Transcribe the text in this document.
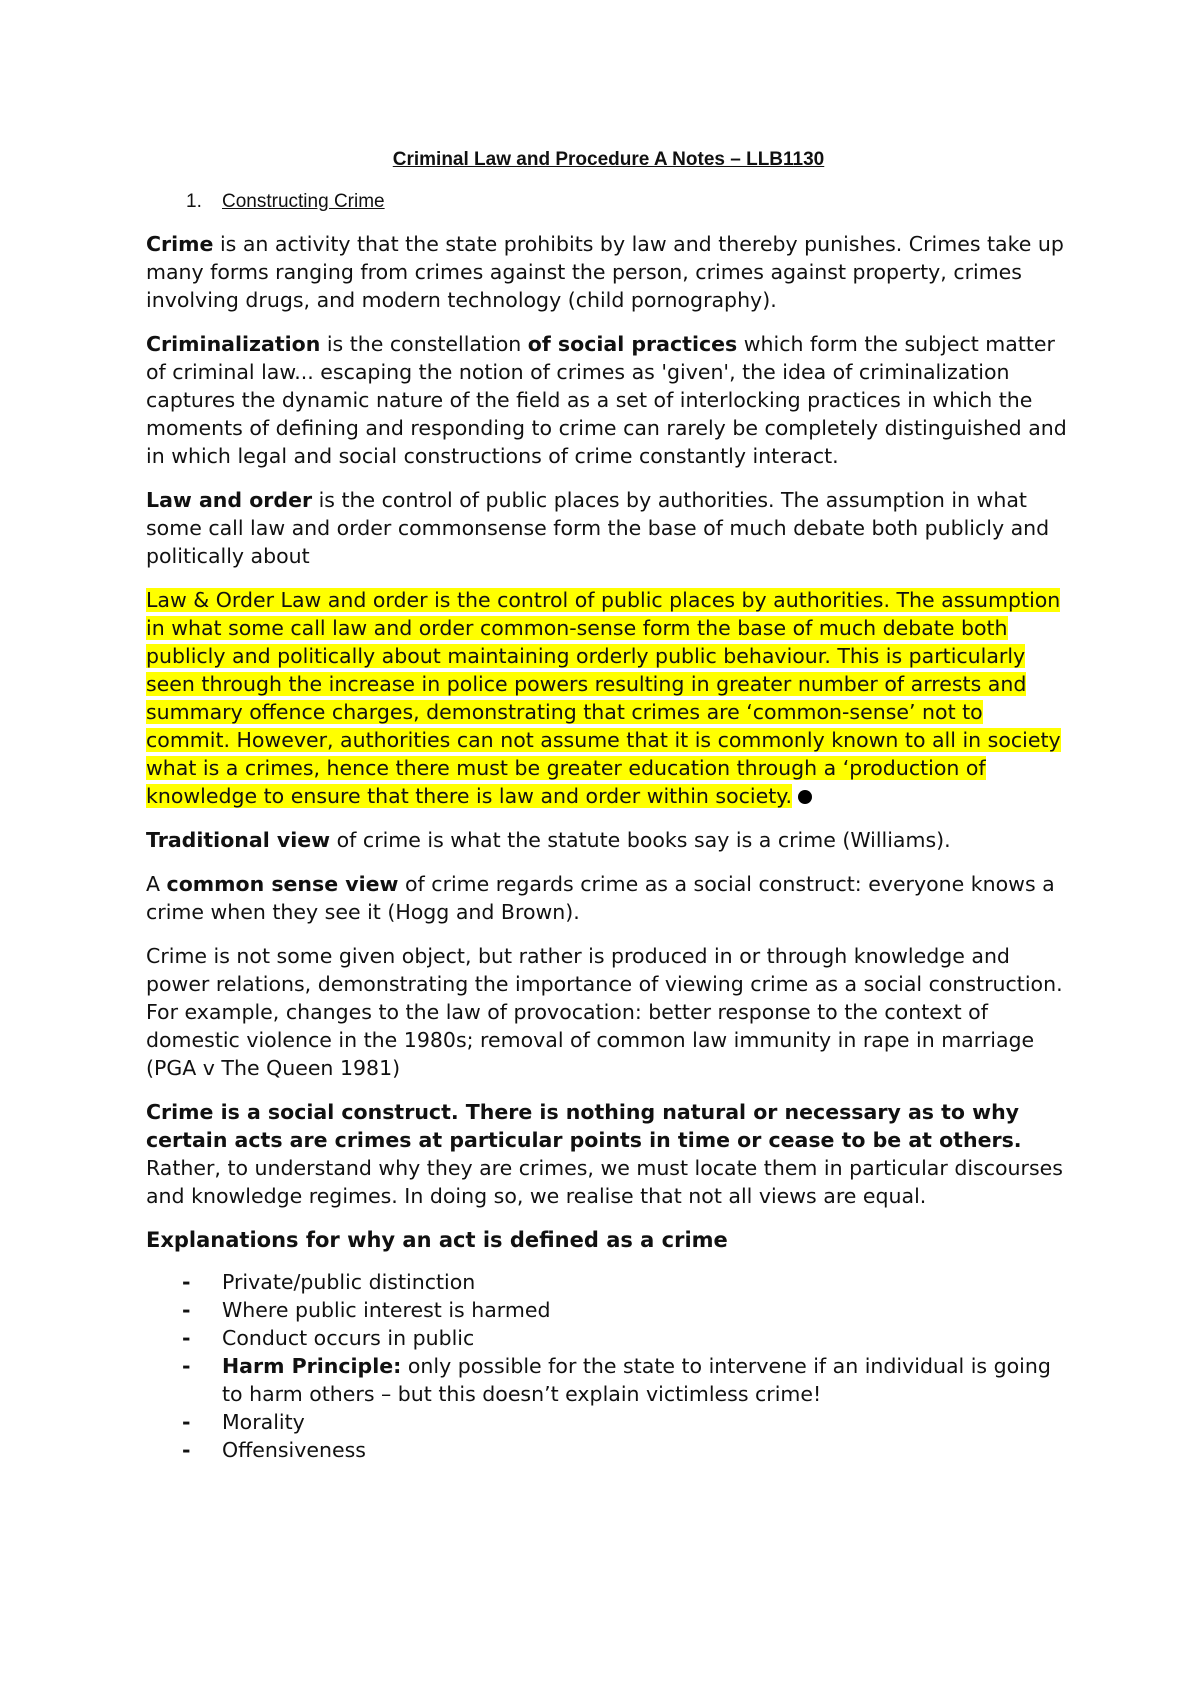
Criminal Law and Procedure A Notes – LLB1130
1.	Constructing Crime

Crime is an activity that the state prohibits by law and thereby punishes. Crimes take up many forms ranging from crimes against the person, crimes against property, crimes involving drugs, and modern technology (child pornography).

Criminalization is the constellation of social practices which form the subject matter of criminal law... escaping the notion of crimes as 'given', the idea of criminalization captures the dynamic nature of the field as a set of interlocking practices in which the moments of defining and responding to crime can rarely be completely distinguished and in which legal and social constructions of crime constantly interact.

Law and order is the control of public places by authorities. The assumption in what some call law and order commonsense form the base of much debate both publicly and politically about

Law & Order Law and order is the control of public places by authorities. The assumption in what some call law and order common-sense form the base of much debate both publicly and politically about maintaining orderly public behaviour. This is particularly seen through the increase in police powers resulting in greater number of arrests and summary offence charges, demonstrating that crimes are ‘common-sense’ not to commit. However, authorities can not assume that it is commonly known to all in society what is a crimes, hence there must be greater education through a ‘production of knowledge to ensure that there is law and order within society.

Traditional view of crime is what the statute books say is a crime (Williams).

A common sense view of crime regards crime as a social construct: everyone knows a crime when they see it (Hogg and Brown).

Crime is not some given object, but rather is produced in or through knowledge and power relations, demonstrating the importance of viewing crime as a social construction. For example, changes to the law of provocation: better response to the context of domestic violence in the 1980s; removal of common law immunity in rape in marriage (PGA v The Queen 1981)

Crime is a social construct. There is nothing natural or necessary as to why certain acts are crimes at particular points in time or cease to be at others. Rather, to understand why they are crimes, we must locate them in particular discourses and knowledge regimes. In doing so, we realise that not all views are equal.

Explanations for why an act is defined as a crime
-	Private/public distinction
-	Where public interest is harmed
-	Conduct occurs in public
-	Harm Principle: only possible for the state to intervene if an individual is going to harm others – but this doesn’t explain victimless crime!
-	Morality
-	Offensiveness
